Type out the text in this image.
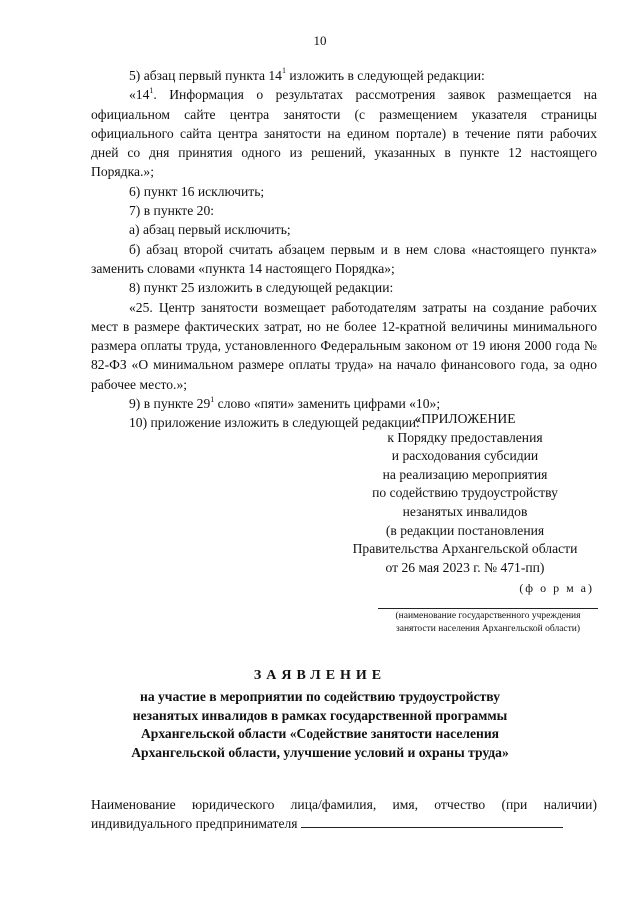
10

5) абзац первый пункта $14^1$ изложить в следующей редакции:

«$14^1$. Информация о результатах рассмотрения заявок размещается на официальном сайте центра занятости (с размещением указателя страницы официального сайта центра занятости на едином портале) в течение пяти рабочих дней со дня принятия одного из решений, указанных в пункте 12 настоящего Порядка.»;

6) пункт 16 исключить;

7) в пункте 20:

а) абзац первый исключить;

б) абзац второй считать абзацем первым и в нем слова «настоящего пункта» заменить словами «пункта 14 настоящего Порядка»;

8) пункт 25 изложить в следующей редакции:

«25. Центр занятости возмещает работодателям затраты на создание рабочих мест в размере фактических затрат, но не более 12-кратной величины минимального размера оплаты труда, установленного Федеральным законом от 19 июня 2000 года № 82-ФЗ «О минимальном размере оплаты труда» на начало финансового года, за одно рабочее место.»;

9) в пункте $29^1$ слово «пяти» заменить цифрами «10»;

10) приложение изложить в следующей редакции:

«ПРИЛОЖЕНИЕ
к Порядку предоставления
и расходования субсидии
на реализацию мероприятия
по содействию трудоустройству
незанятых инвалидов
(в редакции постановления
Правительства Архангельской области
от 26 мая 2023 г. № 471-пп)
(ф о р м а)
(наименование государственного учреждения
занятости населения Архангельской области)
ЗАЯВЛЕНИЕ
на участие в мероприятии по содействию трудоустройству
незанятых инвалидов в рамках государственной программы
Архангельской области «Содействие занятости населения
Архангельской области, улучшение условий и охраны труда»
Наименование юридического лица/фамилия, имя, отчество (при наличии)
индивидуального предпринимателя
